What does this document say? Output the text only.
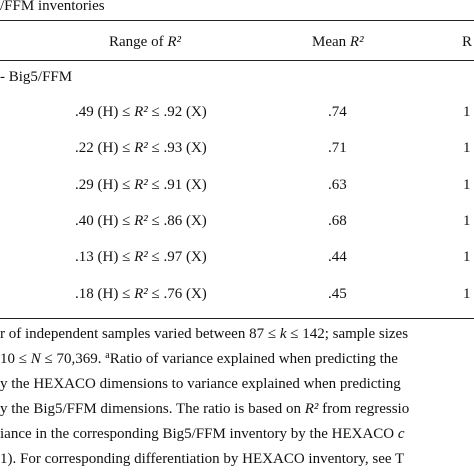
/FFM inventories
Range of R²	Mean R²	R
- Big5/FFM
.49 (H) ≤ R² ≤ .92 (X)	.74	1
.22 (H) ≤ R² ≤ .93 (X)	.71	1
.29 (H) ≤ R² ≤ .91 (X)	.63	1
.40 (H) ≤ R² ≤ .86 (X)	.68	1
.13 (H) ≤ R² ≤ .97 (X)	.44	1
.18 (H) ≤ R² ≤ .76 (X)	.45	1
r of independent samples varied between 87 ≤ k ≤ 142; sample sizes
10 ≤ N ≤ 70,369. $^a$Ratio of variance explained when predicting the
y the HEXACO dimensions to variance explained when predicting
y the Big5/FFM dimensions. The ratio is based on R² from regressio
iance in the corresponding Big5/FFM inventory by the HEXACO c
1). For corresponding differentiation by HEXACO inventory, see T
